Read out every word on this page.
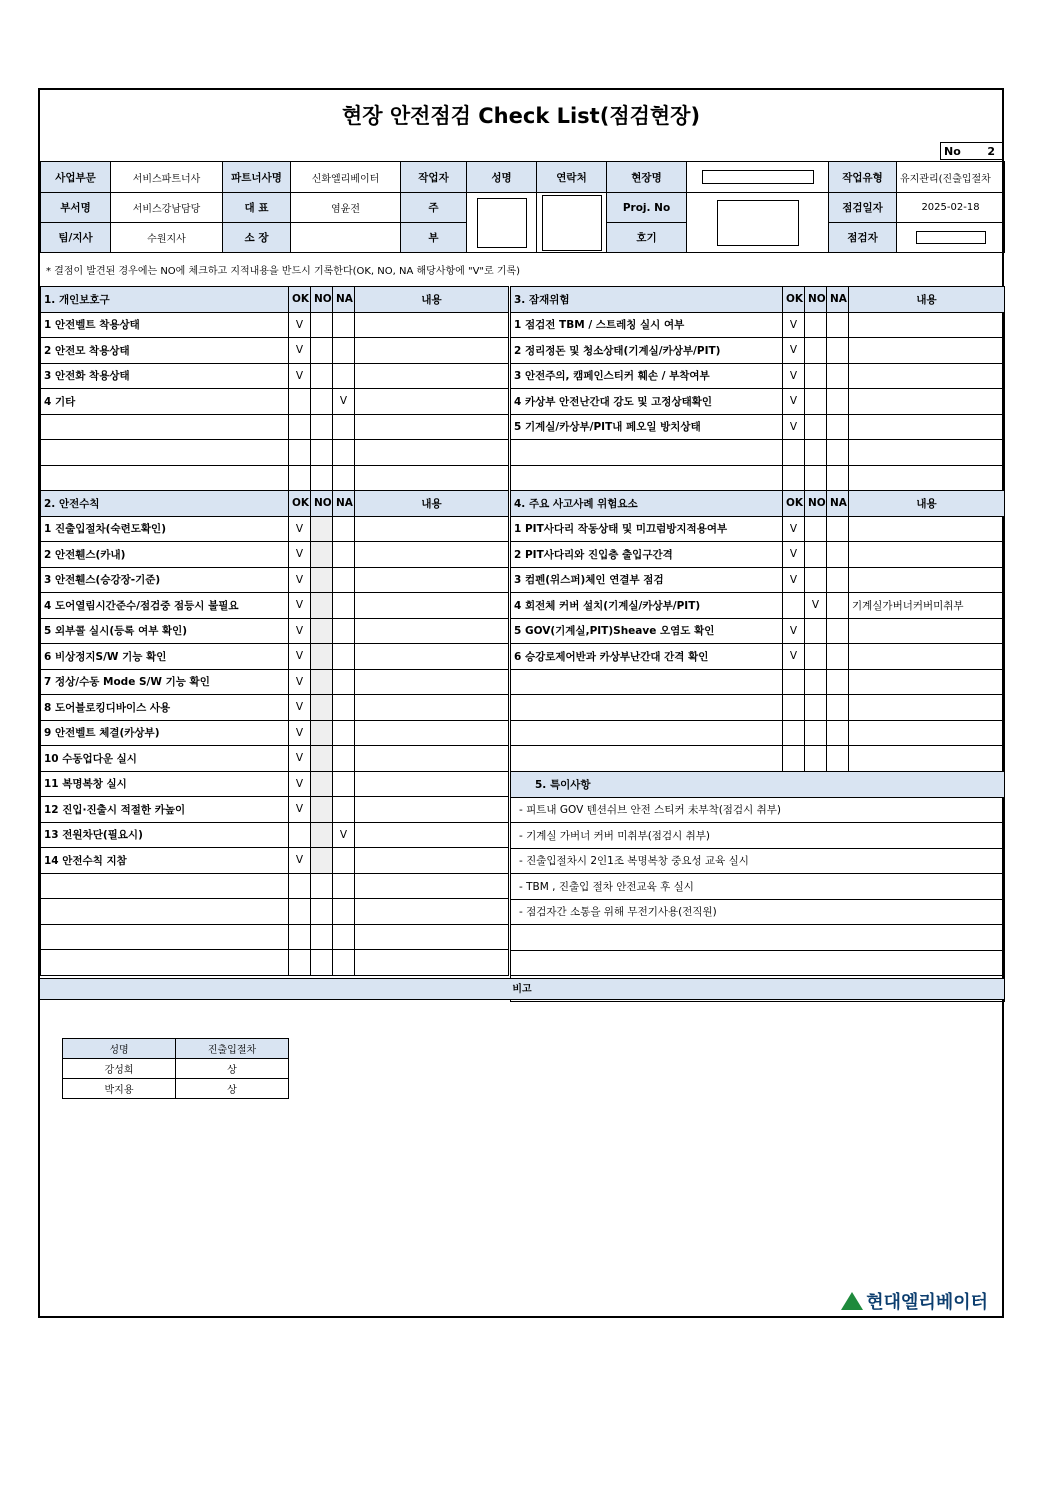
현장 안전점검 Check List(점검현장)
No 2
사업부문	서비스파트너사	파트너사명	신화엘리베이터	작업자	성명	연락처	현장명		작업유형	유지관리(진출입절차
부서명	서비스강남담당	대 표	염윤전	주			Proj. No		점검일자	2025-02-18
팀/지사	수원지사	소 장		부			호기		점검자	
* 결점이 발견된 경우에는 NO에 체크하고 지적내용을 반드시 기록한다(OK, NO, NA 해당사항에 "V"로 기록)
1. 개인보호구	OK	NO	NA	내용
1 안전벨트 착용상태	V			
2 안전모 착용상태	V			
3 안전화 착용상태	V			
4 기타			V	

3. 잠재위험	OK	NO	NA	내용
1 점검전 TBM / 스트레칭 실시 여부	V			
2 정리정돈 및 청소상태(기계실/카상부/PIT)	V			
3 안전주의, 캠페인스티커 훼손 / 부착여부	V			
4 카상부 안전난간대 강도 및 고정상태확인	V			
5 기계실/카상부/PIT내 페오일 방치상태	V			

2. 안전수칙	OK	NO	NA	내용
1 진출입절차(숙련도확인)	V			
2 안전휀스(카내)	V			
3 안전휀스(승강장-기준)	V			
4 도어열림시간준수/점검중 점등시 불필요	V			
5 외부콜 실시(등록 여부 확인)	V			
6 비상정지S/W 기능 확인	V			
7 정상/수동 Mode S/W 기능 확인	V			
8 도어블로킹디바이스 사용	V			
9 안전벨트 체결(카상부)	V			
10 수동업다운 실시	V			
11 복명복창 실시	V			
12 진입·진출시 적절한 카높이	V			
13 전원차단(필요시)			V	
14 안전수칙 지참	V			

4. 주요 사고사례 위험요소	OK	NO	NA	내용
1 PIT사다리 작동상태 및 미끄럼방지적용여부	V			
2 PIT사다리와 진입층 출입구간격	V			
3 컴펜(위스퍼)체인 연결부 점검	V			
4 회전체 커버 설치(기계실/카상부/PIT)		V		기계실가버너커버미취부
5 GOV(기계실,PIT)Sheave 오염도 확인	V			
6 승강로제어반과 카상부난간대 간격 확인	V			

5. 특이사항
- 피트내 GOV 텐션쉬브 안전 스티커 未부착(점검시 취부)
- 기계실 가버너 커버 미취부(점검시 취부)
- 진출입절차시 2인1조 복명복창 중요성 교육 실시
- TBM , 진출입 절차 안전교육 후 실시
- 점검자간 소통을 위해 무전기사용(전직원)

비고
성명	진출입절차
강성희	상
박지용	상
현대엘리베이터
